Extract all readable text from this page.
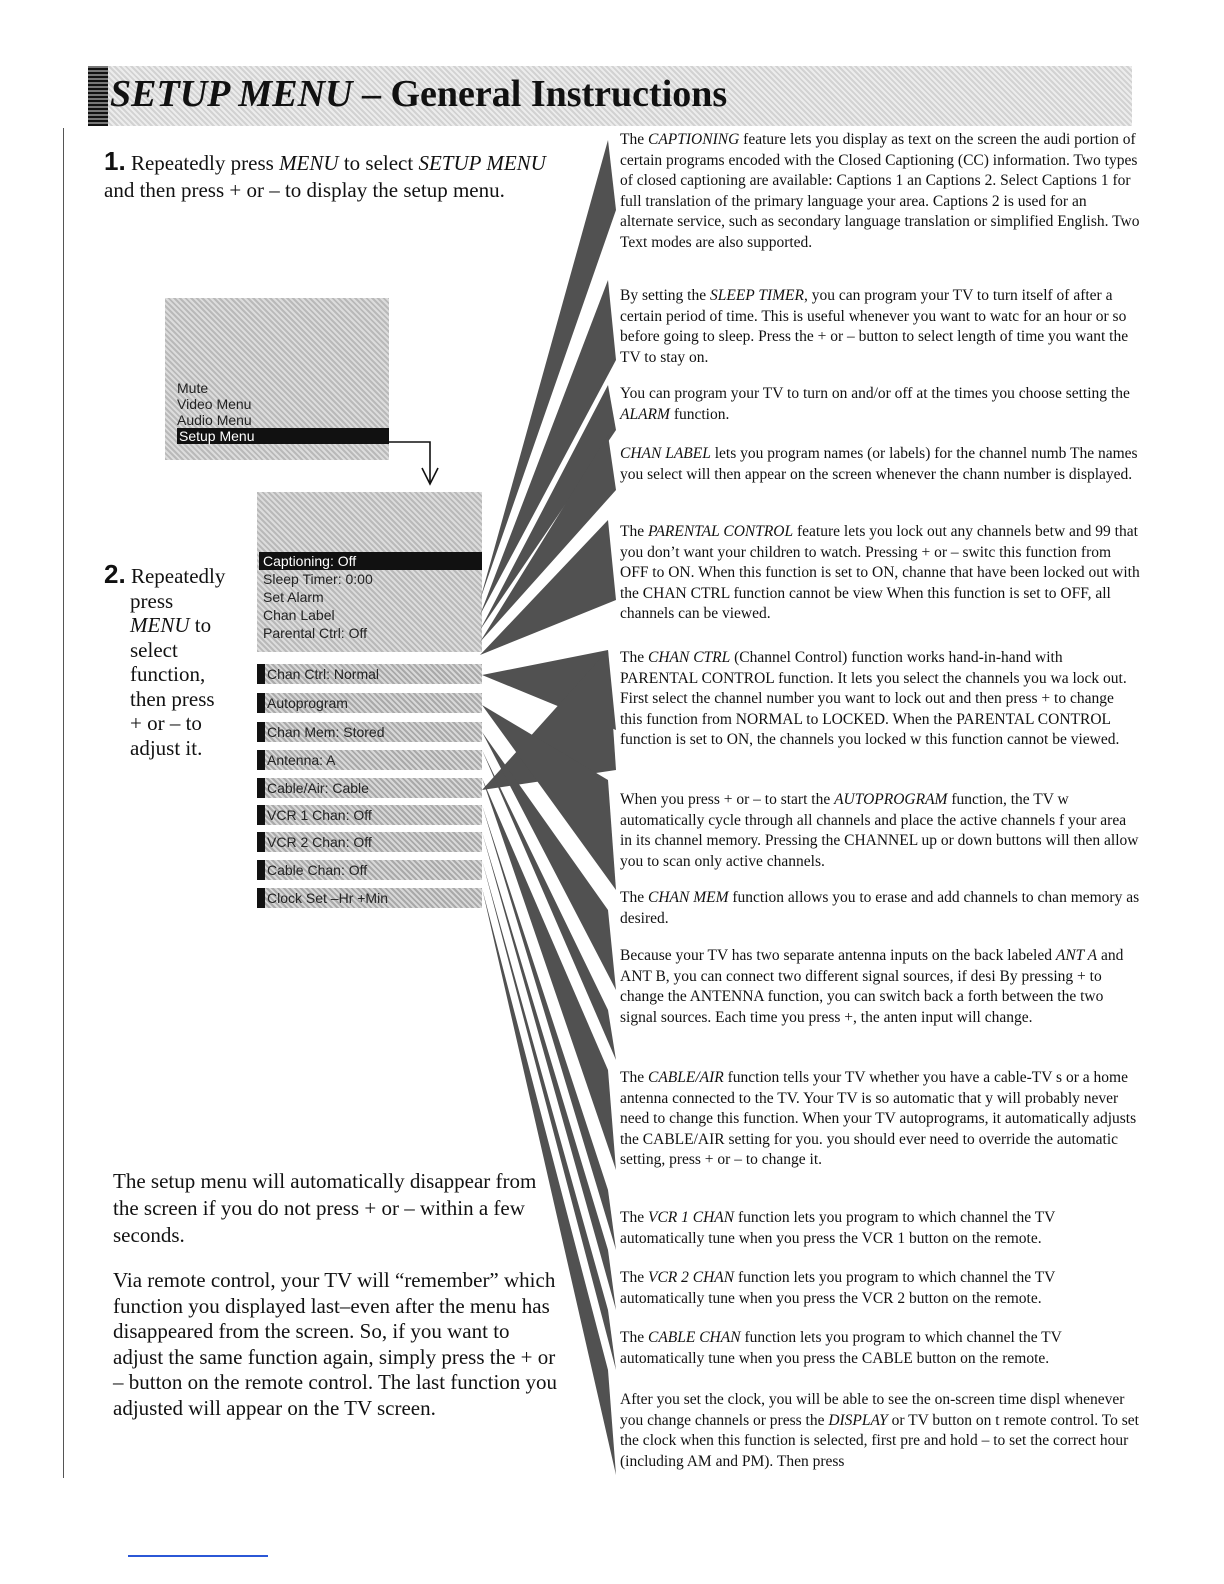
SETUP MENU – General Instructions
1. Repeatedly press MENU to select SETUP MENU and then press + or – to display the setup menu.
Mute
Video Menu
Audio Menu
Setup Menu
Captioning: Off
Sleep Timer: 0:00
Set Alarm
Chan Label
Parental Ctrl: Off
Chan Ctrl: Normal
Autoprogram
Chan Mem: Stored
Antenna: A
Cable/Air: Cable
VCR 1 Chan: Off
VCR 2 Chan: Off
Cable Chan: Off
Clock Set –Hr +Min
2. Repeatedly
press
MENU to
select
function,
then press
+ or – to
adjust it.
The setup menu will automatically disappear from the screen if you do not press + or – within a few seconds.
Via remote control, your TV will “remember” which function you displayed last–even after the menu has disappeared from the screen. So, if you want to adjust the same function again, simply press the + or – button on the remote control. The last function you adjusted will appear on the TV screen.

The CAPTIONING feature lets you display as text on the screen the audi portion of certain programs encoded with the Closed Captioning (CC) information. Two types of closed captioning are available: Captions 1 an Captions 2. Select Captions 1 for full translation of the primary language your area. Captions 2 is used for an alternate service, such as secondary language translation or simplified English. Two Text modes are also supported.

By setting the SLEEP TIMER, you can program your TV to turn itself of after a certain period of time. This is useful whenever you want to watc for an hour or so before going to sleep. Press the + or – button to select length of time you want the TV to stay on.

You can program your TV to turn on and/or off at the times you choose setting the ALARM function.

CHAN LABEL lets you program names (or labels) for the channel numb The names you select will then appear on the screen whenever the chann number is displayed.

The PARENTAL CONTROL feature lets you lock out any channels betw and 99 that you don’t want your children to watch. Pressing + or – switc this function from OFF to ON. When this function is set to ON, channe that have been locked out with the CHAN CTRL function cannot be view When this function is set to OFF, all channels can be viewed.

The CHAN CTRL (Channel Control) function works hand-in-hand with PARENTAL CONTROL function. It lets you select the channels you wa lock out. First select the channel number you want to lock out and then press + to change this function from NORMAL to LOCKED. When the PARENTAL CONTROL function is set to ON, the channels you locked w this function cannot be viewed.

When you press + or – to start the AUTOPROGRAM function, the TV w automatically cycle through all channels and place the active channels f your area in its channel memory. Pressing the CHANNEL up or down buttons will then allow you to scan only active channels.

The CHAN MEM function allows you to erase and add channels to chan memory as desired.

Because your TV has two separate antenna inputs on the back labeled ANT A and ANT B, you can connect two different signal sources, if desi By pressing + to change the ANTENNA function, you can switch back a forth between the two signal sources. Each time you press +, the anten input will change.

The CABLE/AIR function tells your TV whether you have a cable-TV s or a home antenna connected to the TV. Your TV is so automatic that y will probably never need to change this function. When your TV autoprograms, it automatically adjusts the CABLE/AIR setting for you. you should ever need to override the automatic setting, press + or – to change it.

The VCR 1 CHAN function lets you program to which channel the TV automatically tune when you press the VCR 1 button on the remote.

The VCR 2 CHAN function lets you program to which channel the TV automatically tune when you press the VCR 2 button on the remote.

The CABLE CHAN function lets you program to which channel the TV automatically tune when you press the CABLE button on the remote.

After you set the clock, you will be able to see the on-screen time displ whenever you change channels or press the DISPLAY or TV button on t remote control. To set the clock when this function is selected, first pre and hold – to set the correct hour (including AM and PM). Then press
